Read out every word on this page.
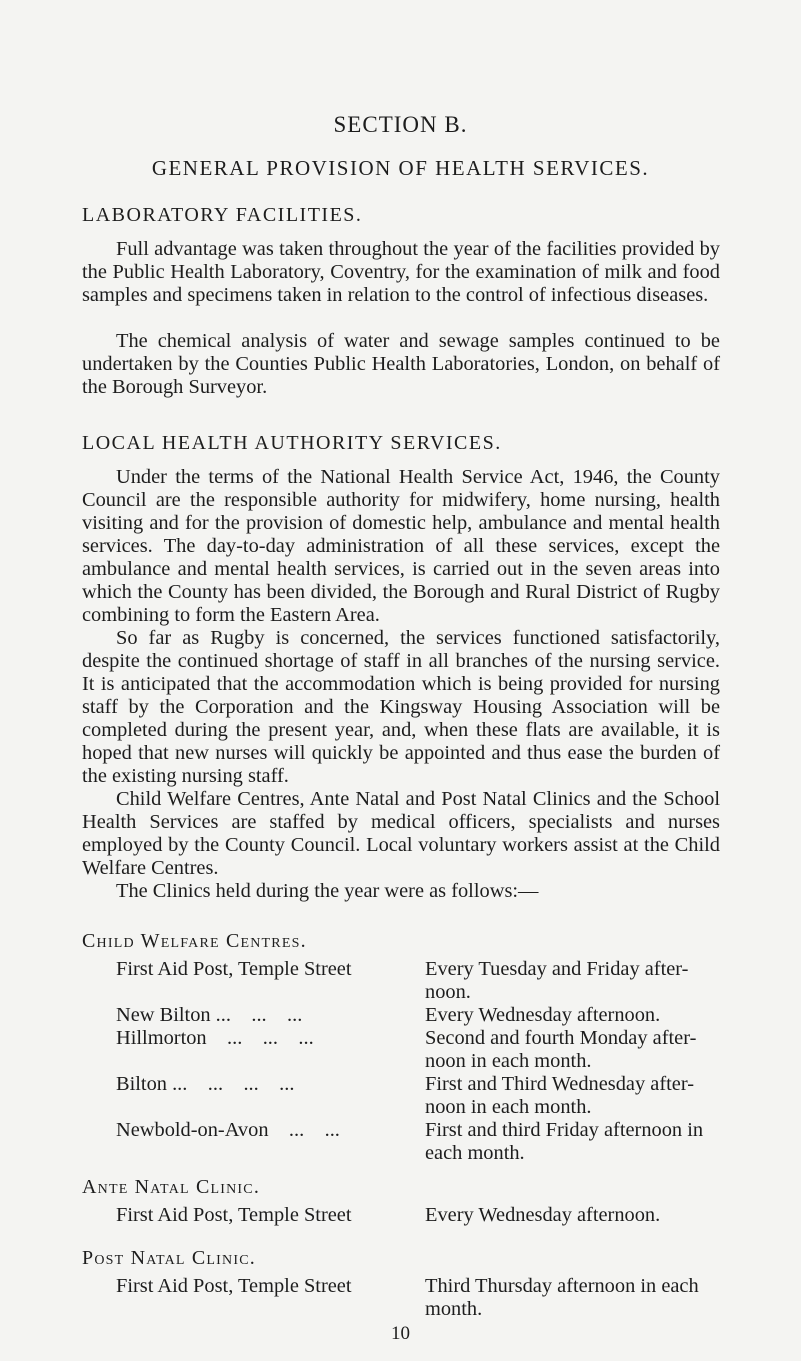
SECTION B.
GENERAL PROVISION OF HEALTH SERVICES.
LABORATORY FACILITIES.

Full advantage was taken throughout the year of the facilities provided by the Public Health Laboratory, Coventry, for the examination of milk and food samples and specimens taken in relation to the control of infectious diseases.

The chemical analysis of water and sewage samples continued to be undertaken by the Counties Public Health Laboratories, London, on behalf of the Borough Surveyor.

LOCAL HEALTH AUTHORITY SERVICES.

Under the terms of the National Health Service Act, 1946, the County Council are the responsible authority for midwifery, home nursing, health visiting and for the provision of domestic help, ambulance and mental health services. The day-to-day administration of all these services, except the ambulance and mental health services, is carried out in the seven areas into which the County has been divided, the Borough and Rural District of Rugby combining to form the Eastern Area.

So far as Rugby is concerned, the services functioned satisfactorily, despite the continued shortage of staff in all branches of the nursing service. It is anticipated that the accommodation which is being provided for nursing staff by the Corporation and the Kingsway Housing Association will be completed during the present year, and, when these flats are available, it is hoped that new nurses will quickly be appointed and thus ease the burden of the existing nursing staff.

Child Welfare Centres, Ante Natal and Post Natal Clinics and the School Health Services are staffed by medical officers, specialists and nurses employed by the County Council. Local voluntary workers assist at the Child Welfare Centres.

The Clinics held during the year were as follows:—

Child Welfare Centres.
First Aid Post, Temple Street	Every Tuesday and Friday after-noon.
New Bilton ...    ...    ...	Every Wednesday afternoon.
Hillmorton    ...    ...    ...	Second and fourth Monday after-noon in each month.
Bilton ...    ...    ...    ...	First and Third Wednesday after-noon in each month.
Newbold-on-Avon    ...    ...	First and third Friday afternoon in each month.
Ante Natal Clinic.
First Aid Post, Temple Street	Every Wednesday afternoon.
Post Natal Clinic.
First Aid Post, Temple Street	Third Thursday afternoon in each month.
10
